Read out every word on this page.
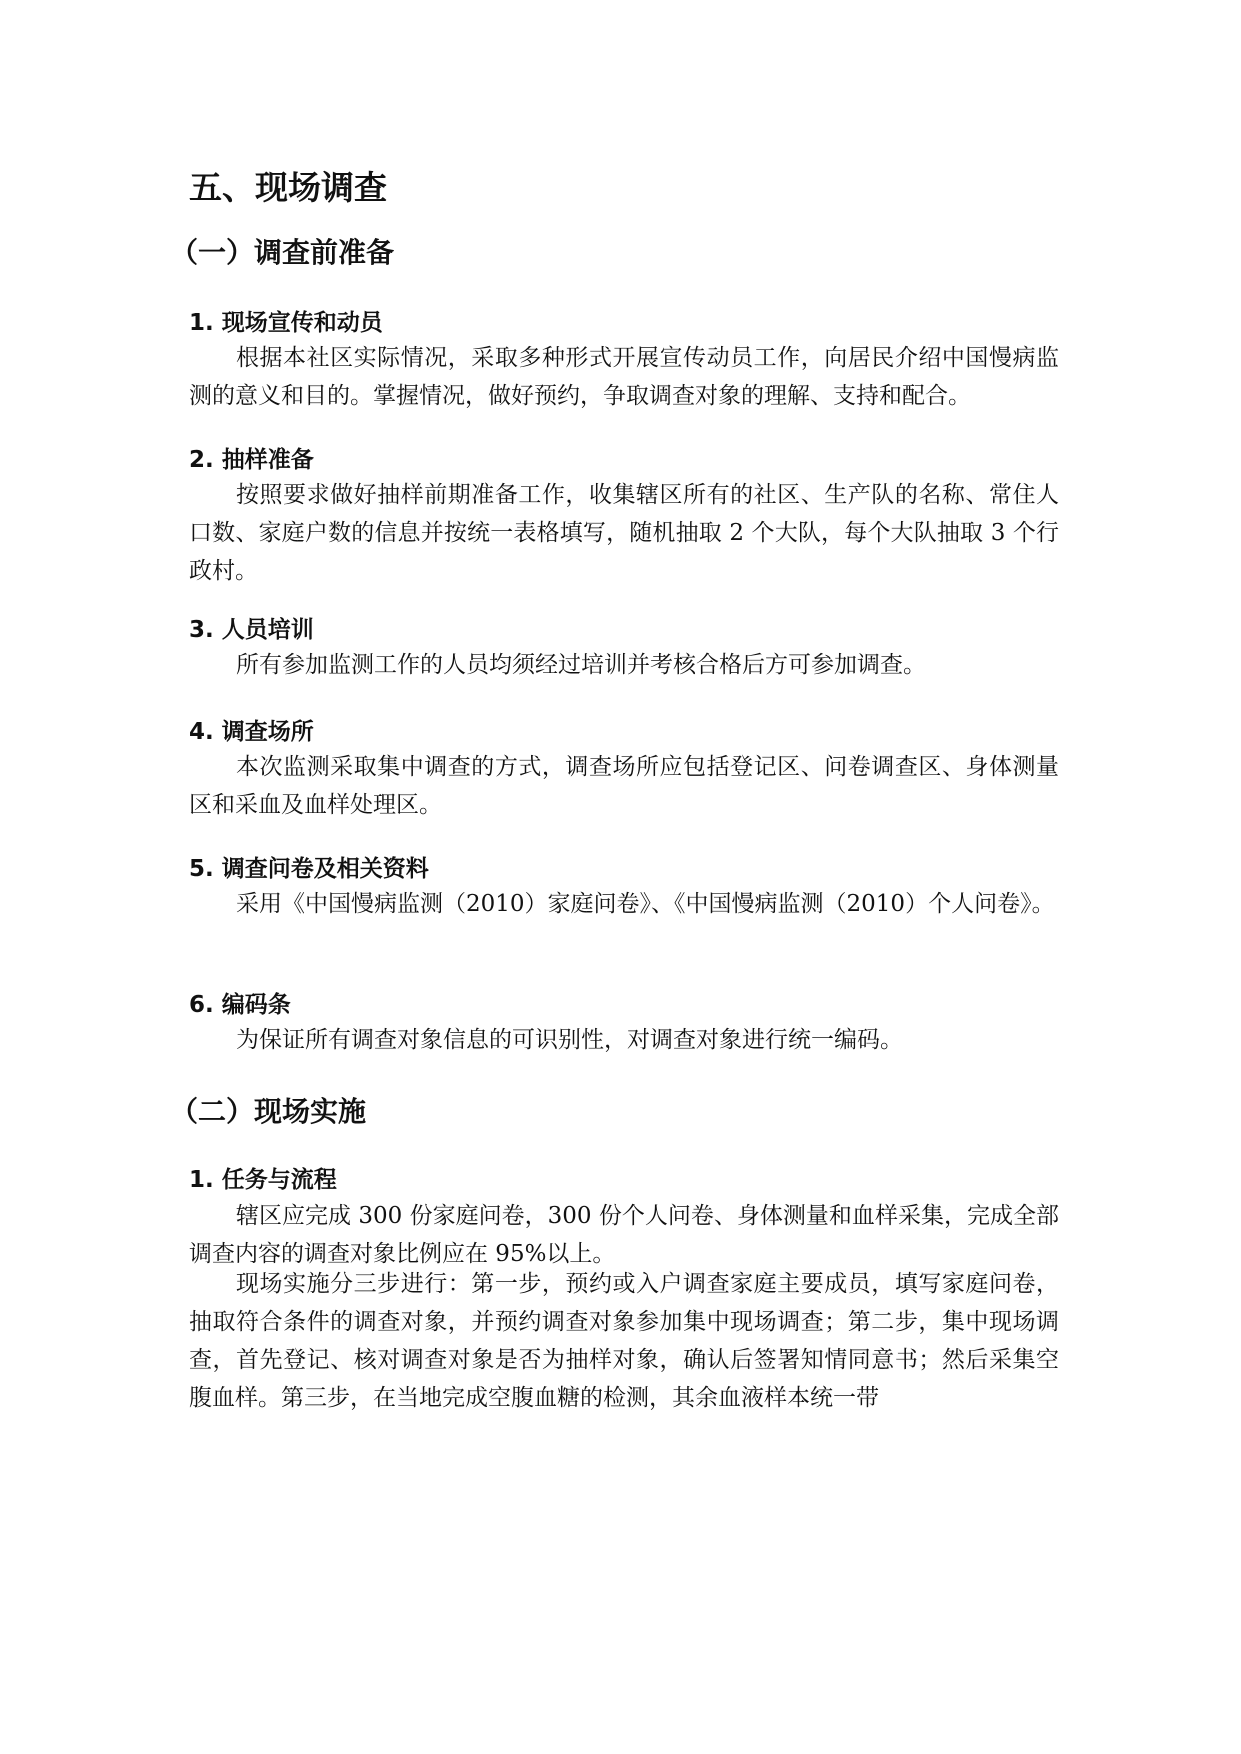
五、现场调查
（一）调查前准备
1. 现场宣传和动员
根据本社区实际情况，采取多种形式开展宣传动员工作，向居民介绍中国慢病监测的意义和目的。掌握情况，做好预约，争取调查对象的理解、支持和配合。
2. 抽样准备
按照要求做好抽样前期准备工作，收集辖区所有的社区、生产队的名称、常住人口数、家庭户数的信息并按统一表格填写，随机抽取 2 个大队，每个大队抽取 3 个行政村。
3. 人员培训
所有参加监测工作的人员均须经过培训并考核合格后方可参加调查。
4. 调查场所
本次监测采取集中调查的方式，调查场所应包括登记区、问卷调查区、身体测量区和采血及血样处理区。
5. 调查问卷及相关资料
采用《中国慢病监测（2010）家庭问卷》、《中国慢病监测（2010）个人问卷》。
6. 编码条
为保证所有调查对象信息的可识别性，对调查对象进行统一编码。
（二）现场实施
1. 任务与流程
辖区应完成 300 份家庭问卷，300 份个人问卷、身体测量和血样采集，完成全部调查内容的调查对象比例应在 95%以上。
现场实施分三步进行：第一步，预约或入户调查家庭主要成员，填写家庭问卷，抽取符合条件的调查对象，并预约调查对象参加集中现场调查；第二步，集中现场调查，首先登记、核对调查对象是否为抽样对象，确认后签署知情同意书；然后采集空腹血样。第三步，在当地完成空腹血糖的检测，其余血液样本统一带
